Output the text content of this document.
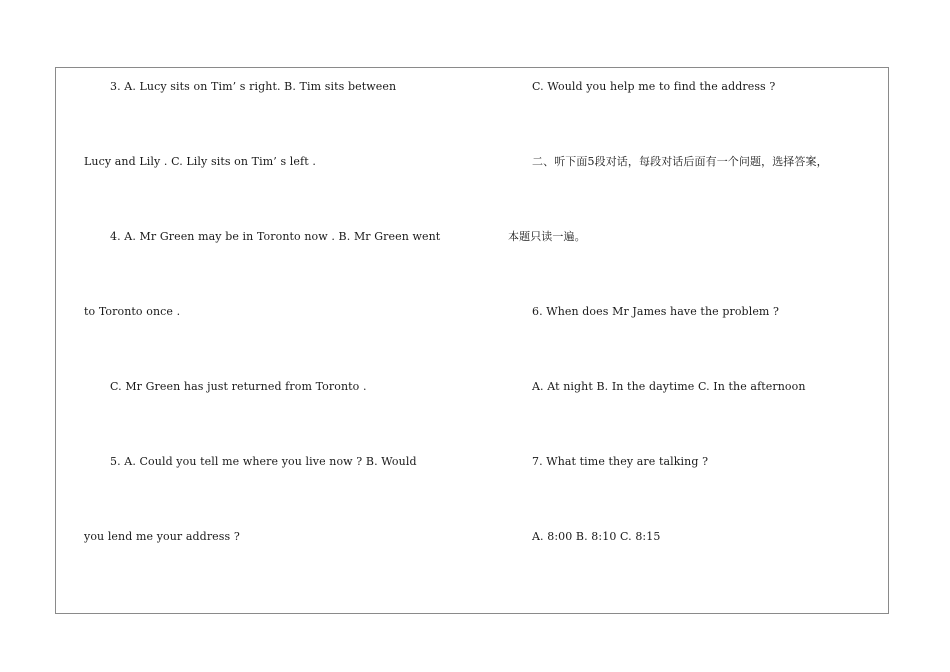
3. A. Lucy sits on Tim’ s right. B. Tim sits between
Lucy and Lily . C. Lily sits on Tim’ s left .
4. A. Mr Green may be in Toronto now . B. Mr Green went
to Toronto once .
C. Mr Green has just returned from Toronto .
5. A. Could you tell me where you live now ? B. Would
you lend me your address ?
C. Would you help me to find the address ?
二、听下面5段对话，每段对话后面有一个问题，选择答案，
本题只读一遍。
6. When does Mr James have the problem ?
A. At night B. In the daytime C. In the afternoon
7. What time they are talking ?
A. 8:00 B. 8:10 C. 8:15
